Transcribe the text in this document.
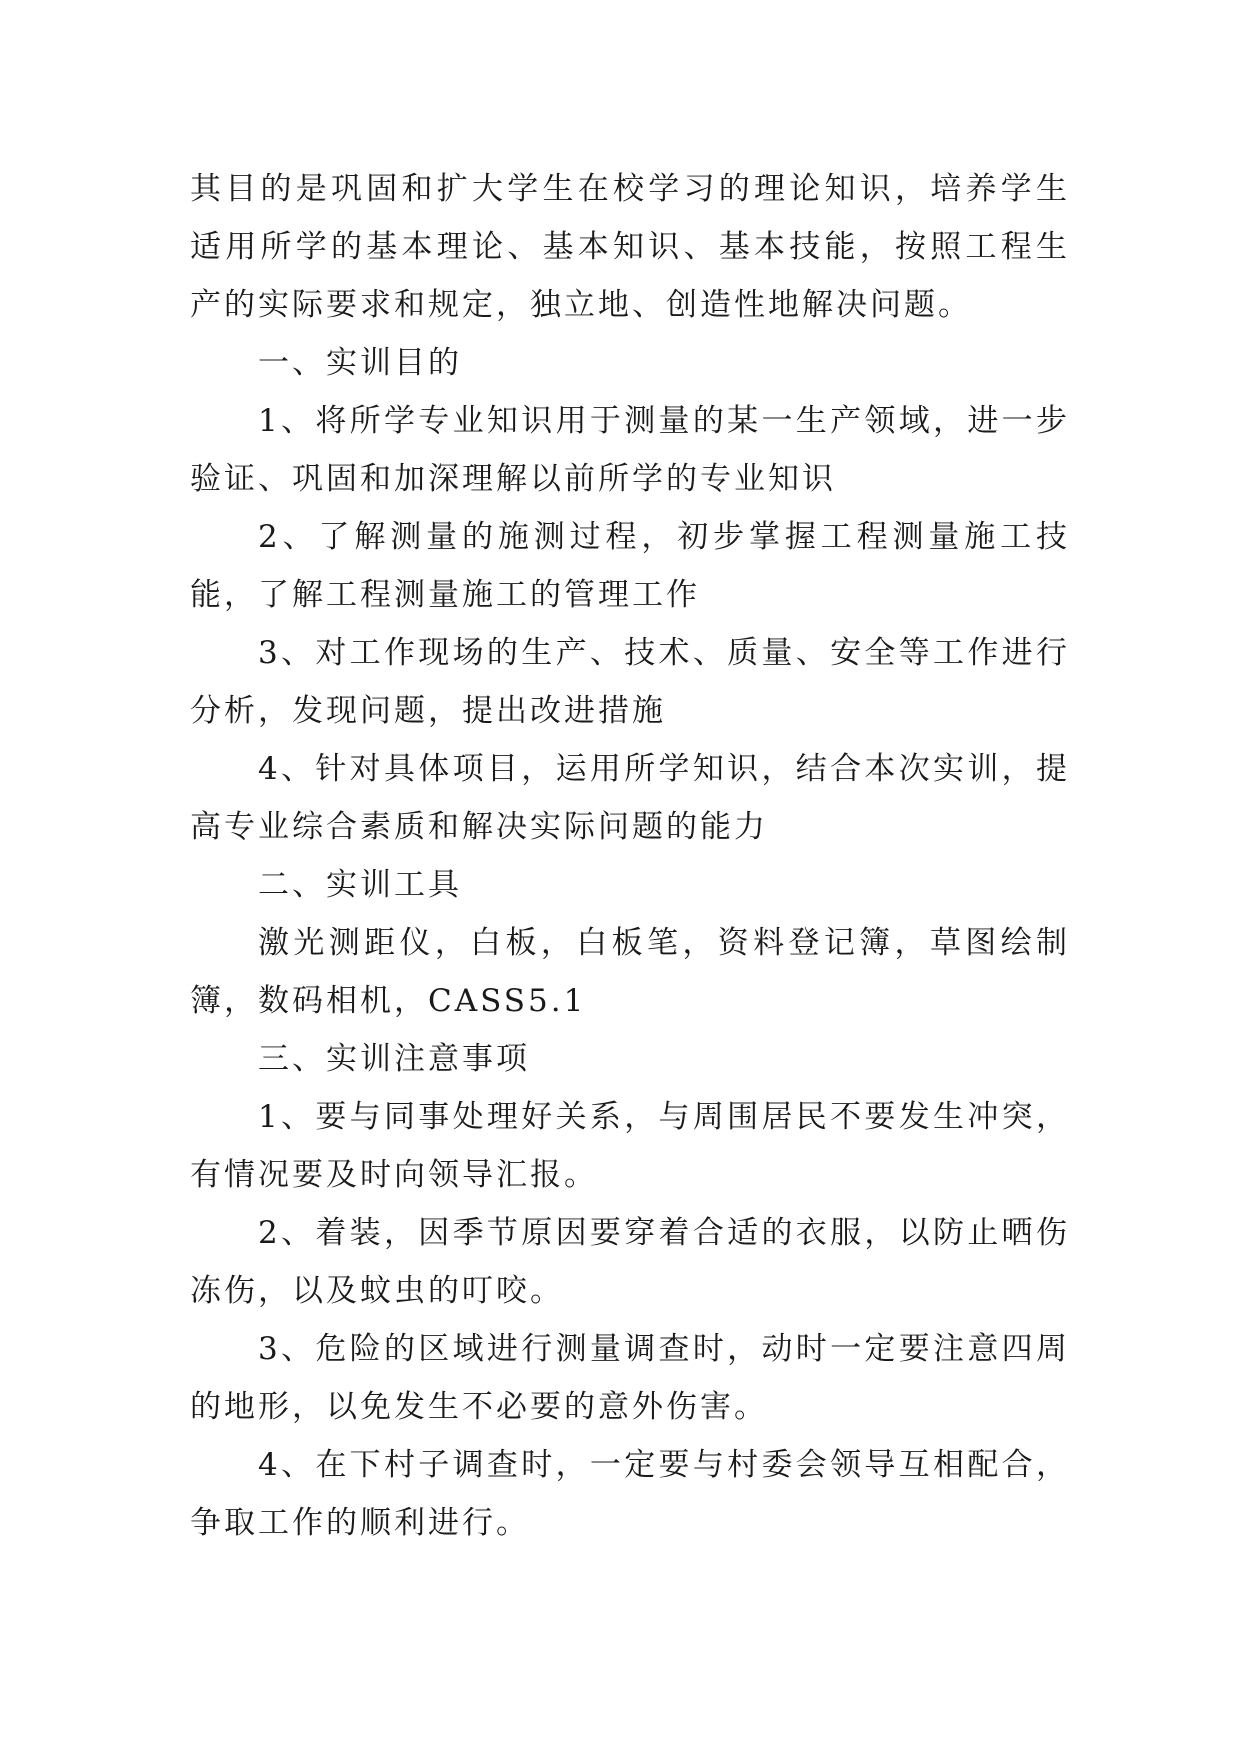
其目的是巩固和扩大学生在校学习的理论知识，培养学生适用所学的基本理论、基本知识、基本技能，按照工程生产的实际要求和规定，独立地、创造性地解决问题。

一、实训目的

1、将所学专业知识用于测量的某一生产领域，进一步验证、巩固和加深理解以前所学的专业知识

2、了解测量的施测过程，初步掌握工程测量施工技能，了解工程测量施工的管理工作

3、对工作现场的生产、技术、质量、安全等工作进行分析，发现问题，提出改进措施

4、针对具体项目，运用所学知识，结合本次实训，提高专业综合素质和解决实际问题的能力

二、实训工具

激光测距仪，白板，白板笔，资料登记簿，草图绘制簿，数码相机，CASS5.1

三、实训注意事项

1、要与同事处理好关系，与周围居民不要发生冲突，有情况要及时向领导汇报。

2、着装，因季节原因要穿着合适的衣服，以防止晒伤冻伤，以及蚊虫的叮咬。

3、危险的区域进行测量调查时，动时一定要注意四周的地形，以免发生不必要的意外伤害。

4、在下村子调查时，一定要与村委会领导互相配合，争取工作的顺利进行。
